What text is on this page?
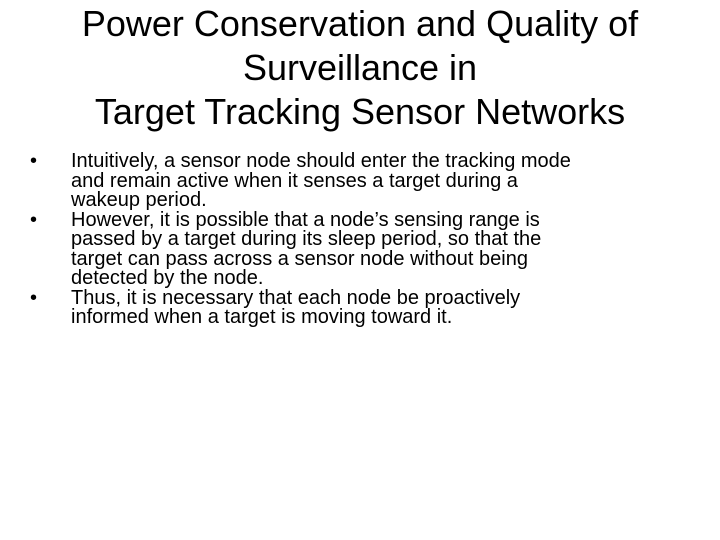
Power Conservation and Quality of
Surveillance in
Target Tracking Sensor Networks
•	Intuitively, a sensor node should enter the tracking mode
and remain active when it senses a target during a
wakeup period.
•	However, it is possible that a node’s sensing range is
passed by a target during its sleep period, so that the
target can pass across a sensor node without being
detected by the node.
•	Thus, it is necessary that each node be proactively
informed when a target is moving toward it.
